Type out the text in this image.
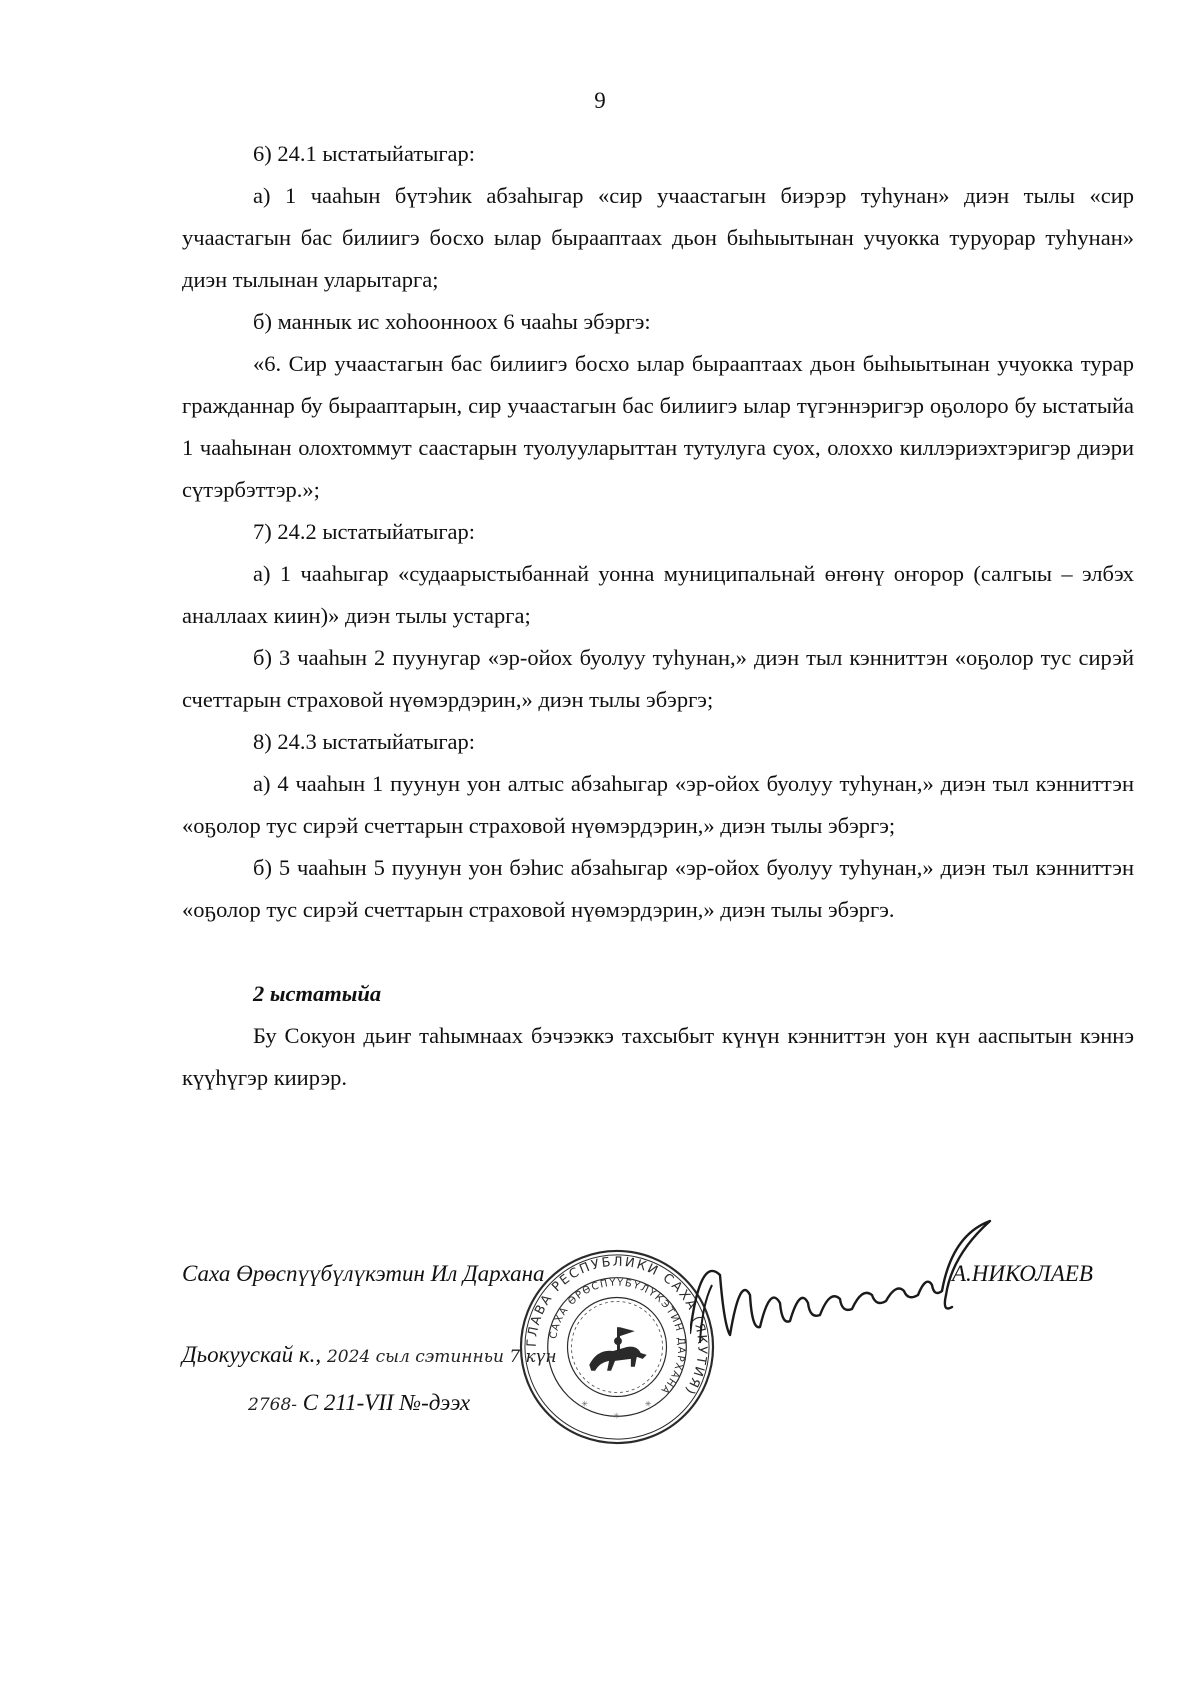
9

6) 24.1 ыстатыйатыгар:

а) 1 чааһын бүтэһик абзаһыгар «сир учаастагын биэрэр туһунан» диэн тылы «сир учаастагын бас билиигэ босхо ылар бырааптаах дьон быһыытынан учуокка туруорар туһунан» диэн тылынан уларытарга;

б) маннык ис хоһоонноох 6 чааһы эбэргэ:

«6. Сир учаастагын бас билиигэ босхо ылар бырааптаах дьон быһыытынан учуокка турар гражданнар бу бырааптарын, сир учаастагын бас билиигэ ылар түгэннэригэр оҕолоро бу ыстатыйа 1 чааһынан олохтоммут саастарын туолууларыттан тутулуга суох, олоххо киллэриэхтэригэр диэри сүтэрбэттэр.»;

7) 24.2 ыстатыйатыгар:

а) 1 чааһыгар «судаарыстыбаннай уонна муниципальнай өҥөнү оҥорор (салгыы – элбэх аналлаах киин)» диэн тылы устарга;

б) 3 чааһын 2 пуунугар «эр-ойох буолуу туһунан,» диэн тыл кэнниттэн «оҕолор тус сирэй счеттарын страховой нүөмэрдэрин,» диэн тылы эбэргэ;

8) 24.3 ыстатыйатыгар:

а) 4 чааһын 1 пуунун уон алтыс абзаһыгар «эр-ойох буолуу туһунан,» диэн тыл кэнниттэн «оҕолор тус сирэй счеттарын страховой нүөмэрдэрин,» диэн тылы эбэргэ;

б) 5 чааһын 5 пуунун уон бэһис абзаһыгар «эр-ойох буолуу туһунан,» диэн тыл кэнниттэн «оҕолор тус сирэй счеттарын страховой нүөмэрдэрин,» диэн тылы эбэргэ.

2 ыстатыйа

Бу Сокуон дьиҥ таһымнаах бэчээккэ тахсыбыт күнүн кэнниттэн уон күн ааспытын кэннэ күүһүгэр киирэр.

Саха Өрөспүүбүлүкэтин Ил Дархана
Дьокуускай к., 2024 сыл сэтинньи 7 күн
2768- С 211-VII №-дээх
ГЛАВА РЕСПУБЛИКИ САХА (ЯКУТИЯ)
САХА ӨРӨСПҮҮБҮЛҮКЭТИН ДАРХАНА
✳
✳
✳
А.НИКОЛАЕВ
